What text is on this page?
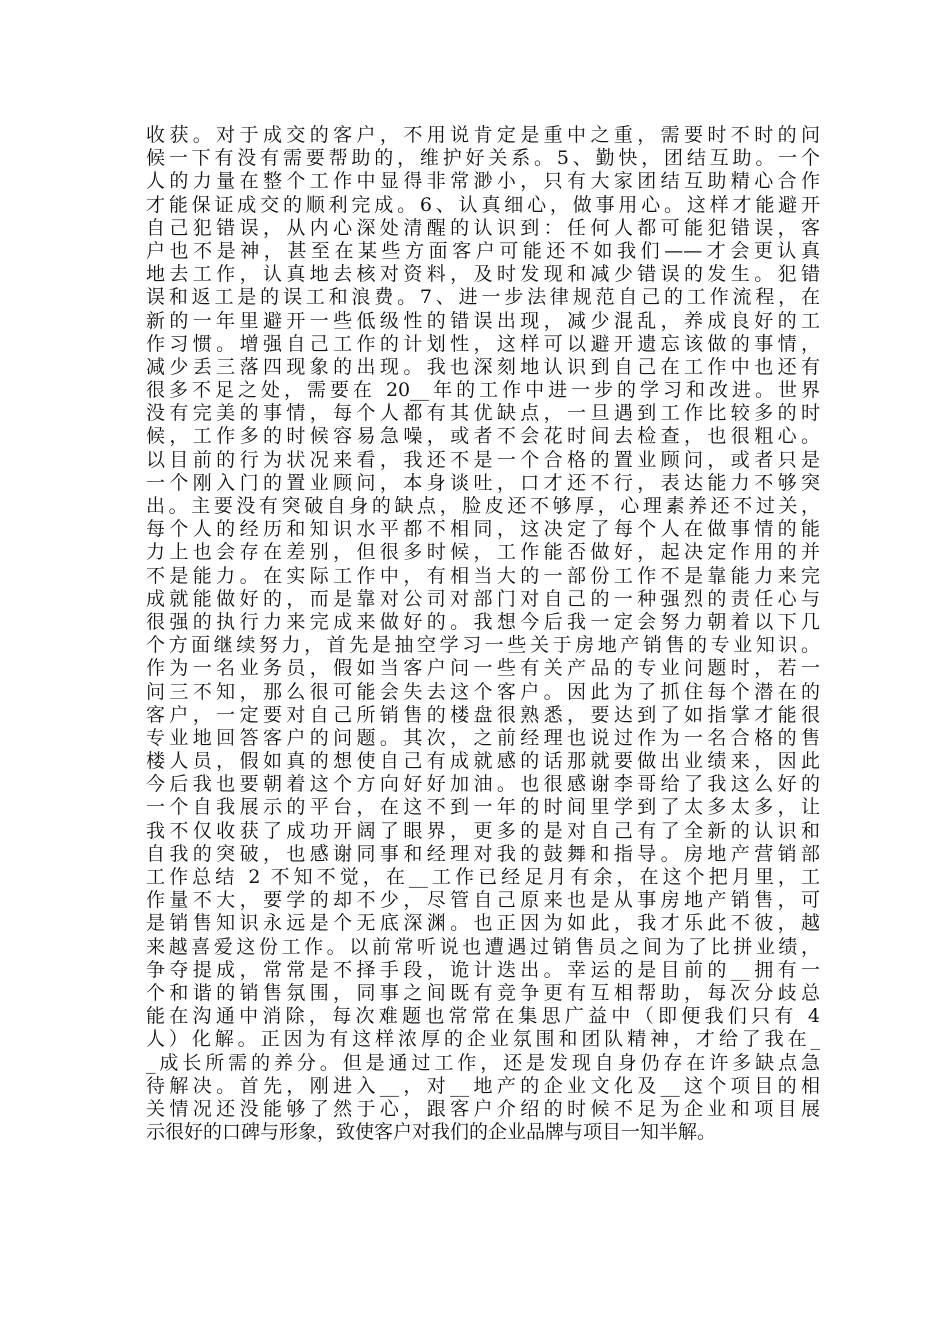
收获。对于成交的客户，不用说肯定是重中之重，需要时不时的问
候一下有没有需要帮助的，维护好关系。5、勤快，团结互助。一个
人的力量在整个工作中显得非常渺小，只有大家团结互助精心合作
才能保证成交的顺利完成。6、认真细心，做事用心。这样才能避开
自己犯错误，从内心深处清醒的认识到：任何人都可能犯错误，客
户也不是神，甚至在某些方面客户可能还不如我们——才会更认真
地去工作，认真地去核对资料，及时发现和减少错误的发生。犯错
误和返工是的误工和浪费。7、进一步法律规范自己的工作流程，在
新的一年里避开一些低级性的错误出现，减少混乱，养成良好的工
作习惯。增强自己工作的计划性，这样可以避开遗忘该做的事情，
减少丢三落四现象的出现。我也深刻地认识到自己在工作中也还有
很多不足之处，需要在 20__年的工作中进一步的学习和改进。世界
没有完美的事情，每个人都有其优缺点，一旦遇到工作比较多的时
候，工作多的时候容易急噪，或者不会花时间去检查，也很粗心。
以目前的行为状况来看，我还不是一个合格的置业顾问，或者只是
一个刚入门的置业顾问，本身谈吐，口才还不行，表达能力不够突
出。主要没有突破自身的缺点，脸皮还不够厚，心理素养还不过关，
每个人的经历和知识水平都不相同，这决定了每个人在做事情的能
力上也会存在差别，但很多时候，工作能否做好，起决定作用的并
不是能力。在实际工作中，有相当大的一部份工作不是靠能力来完
成就能做好的，而是靠对公司对部门对自己的一种强烈的责任心与
很强的执行力来完成来做好的。我想今后我一定会努力朝着以下几
个方面继续努力，首先是抽空学习一些关于房地产销售的专业知识。
作为一名业务员，假如当客户问一些有关产品的专业问题时，若一
问三不知，那么很可能会失去这个客户。因此为了抓住每个潜在的
客户，一定要对自己所销售的楼盘很熟悉，要达到了如指掌才能很
专业地回答客户的问题。其次，之前经理也说过作为一名合格的售
楼人员，假如真的想使自己有成就感的话那就要做出业绩来，因此
今后我也要朝着这个方向好好加油。也很感谢李哥给了我这么好的
一个自我展示的平台，在这不到一年的时间里学到了太多太多，让
我不仅收获了成功开阔了眼界，更多的是对自己有了全新的认识和
自我的突破，也感谢同事和经理对我的鼓舞和指导。房地产营销部
工作总结 2 不知不觉，在__工作已经足月有余，在这个把月里，工
作量不大，要学的却不少，尽管自己原来也是从事房地产销售，可
是销售知识永远是个无底深渊。也正因为如此，我才乐此不彼，越
来越喜爱这份工作。以前常听说也遭遇过销售员之间为了比拼业绩，
争夺提成，常常是不择手段，诡计迭出。幸运的是目前的__拥有一
个和谐的销售氛围，同事之间既有竞争更有互相帮助，每次分歧总
能在沟通中消除，每次难题也常常在集思广益中（即便我们只有 4
人）化解。正因为有这样浓厚的企业氛围和团队精神，才给了我在_
_成长所需的养分。但是通过工作，还是发现自身仍存在许多缺点急
待解决。首先，刚进入__，对__地产的企业文化及__这个项目的相
关情况还没能够了然于心，跟客户介绍的时候不足为企业和项目展
示很好的口碑与形象，致使客户对我们的企业品牌与项目一知半解。
